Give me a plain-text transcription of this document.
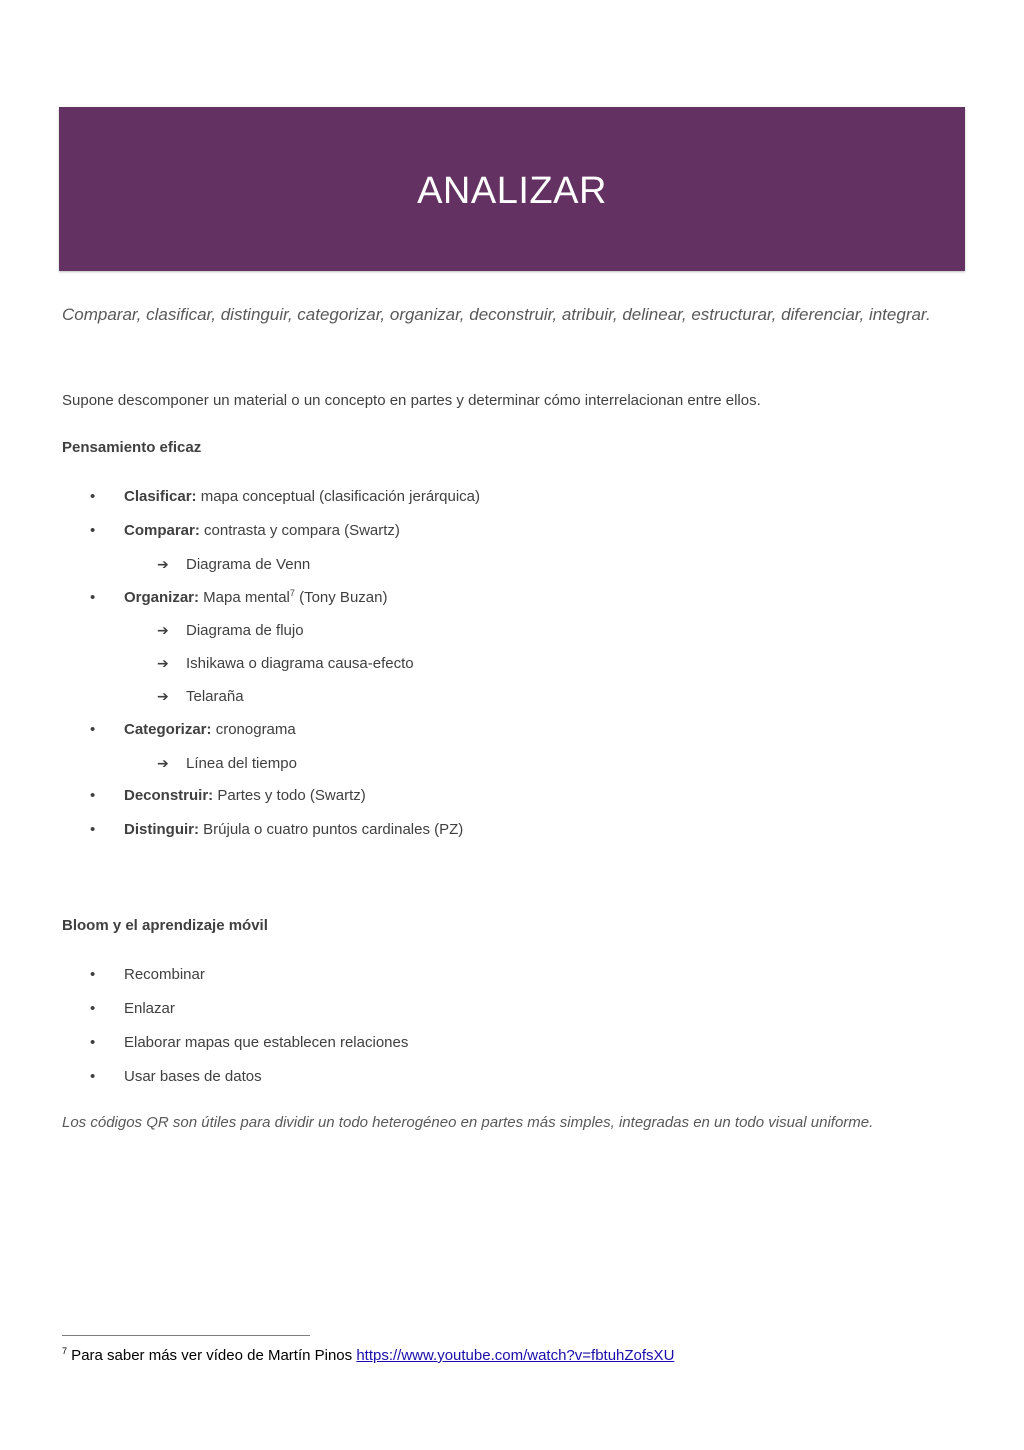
ANALIZAR

Comparar, clasificar, distinguir, categorizar, organizar, deconstruir, atribuir, delinear, estructurar, diferenciar, integrar.

Supone descomponer un material o un concepto en partes y determinar cómo interrelacionan entre ellos.

Pensamiento eficaz

• Clasificar: mapa conceptual (clasificación jerárquica)
• Comparar: contrasta y compara (Swartz)
➔ Diagrama de Venn
• Organizar: Mapa mental$^7$ (Tony Buzan)
➔ Diagrama de flujo
➔ Ishikawa o diagrama causa-efecto
➔ Telaraña
• Categorizar: cronograma
➔ Línea del tiempo
• Deconstruir: Partes y todo (Swartz)
• Distinguir: Brújula o cuatro puntos cardinales (PZ)

Bloom y el aprendizaje móvil

• Recombinar
• Enlazar
• Elaborar mapas que establecen relaciones
• Usar bases de datos

Los códigos QR son útiles para dividir un todo heterogéneo en partes más simples, integradas en un todo visual uniforme.

$^7$ Para saber más ver vídeo de Martín Pinos https://www.youtube.com/watch?v=fbtuhZofsXU
